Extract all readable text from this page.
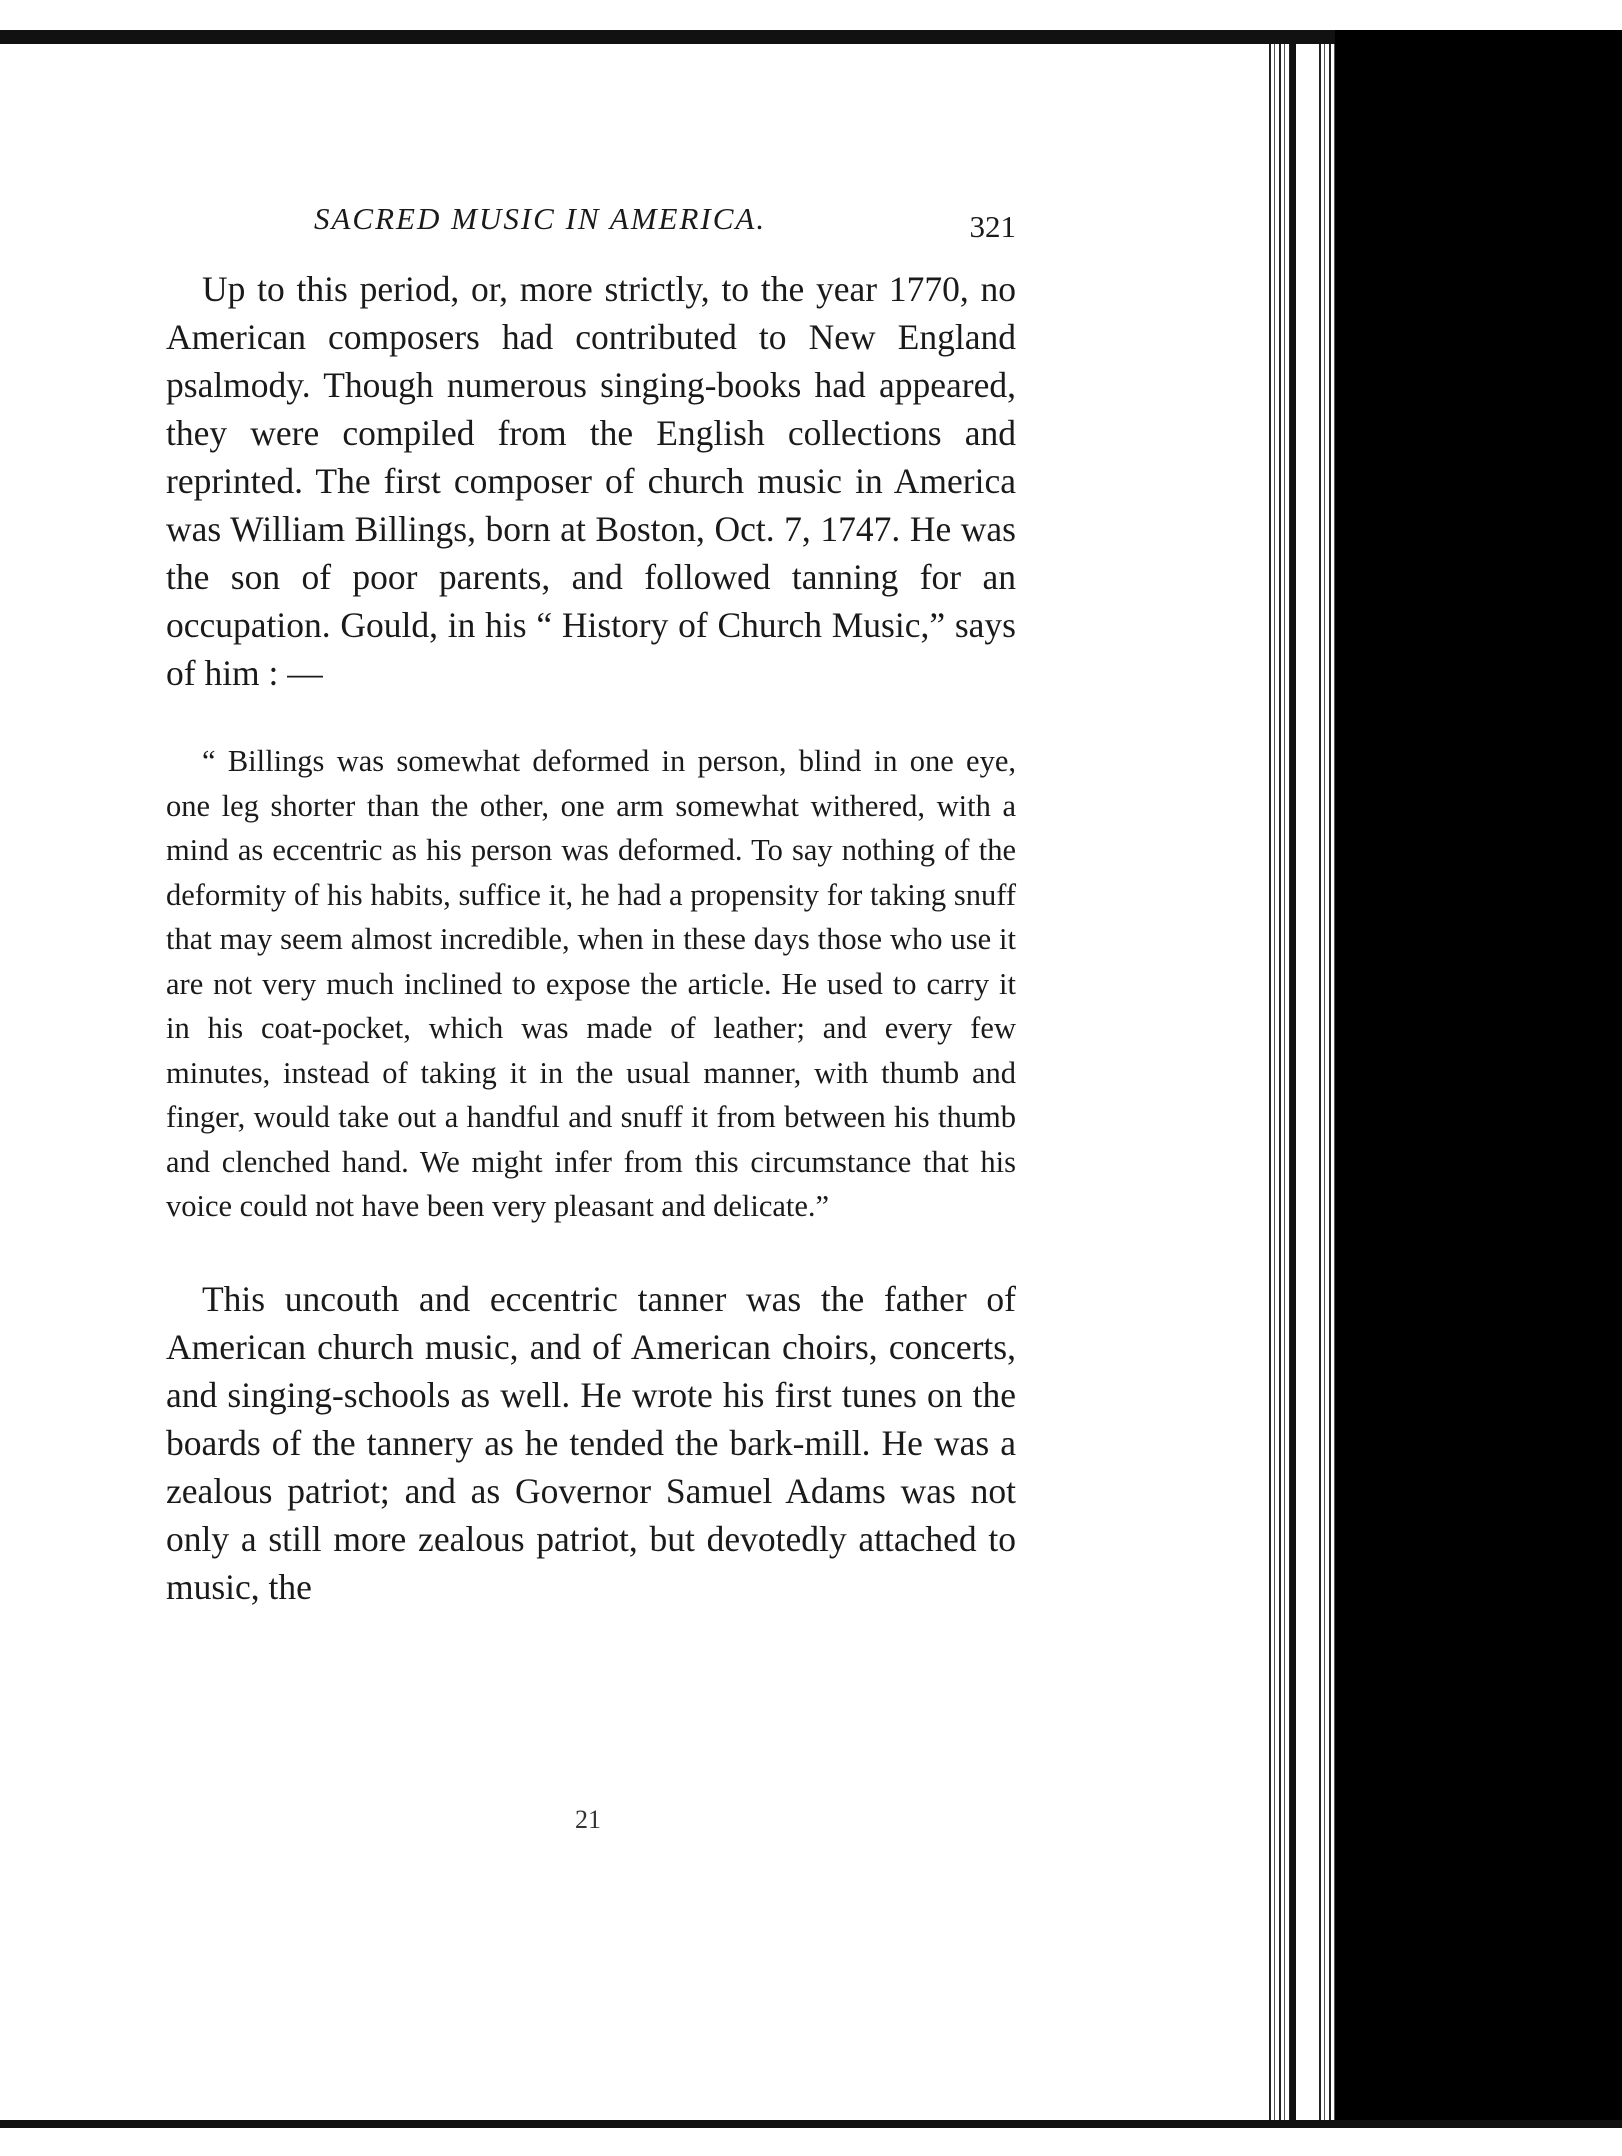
SACRED MUSIC IN AMERICA.	321

Up to this period, or, more strictly, to the year 1770, no American composers had contributed to New England psalmody. Though numerous singing-books had appeared, they were compiled from the English collections and reprinted. The first composer of church music in America was William Billings, born at Boston, Oct. 7, 1747. He was the son of poor parents, and followed tanning for an occupation. Gould, in his “ History of Church Music,” says of him : —

“ Billings was somewhat deformed in person, blind in one eye, one leg shorter than the other, one arm somewhat withered, with a mind as eccentric as his person was deformed. To say nothing of the deformity of his habits, suffice it, he had a propensity for taking snuff that may seem almost incredible, when in these days those who use it are not very much inclined to expose the article. He used to carry it in his coat-pocket, which was made of leather; and every few minutes, instead of taking it in the usual manner, with thumb and finger, would take out a handful and snuff it from between his thumb and clenched hand. We might infer from this circumstance that his voice could not have been very pleasant and delicate.”

This uncouth and eccentric tanner was the father of American church music, and of American choirs, concerts, and singing-schools as well. He wrote his first tunes on the boards of the tannery as he tended the bark-mill. He was a zealous patriot; and as Governor Samuel Adams was not only a still more zealous patriot, but devotedly attached to music, the

21
